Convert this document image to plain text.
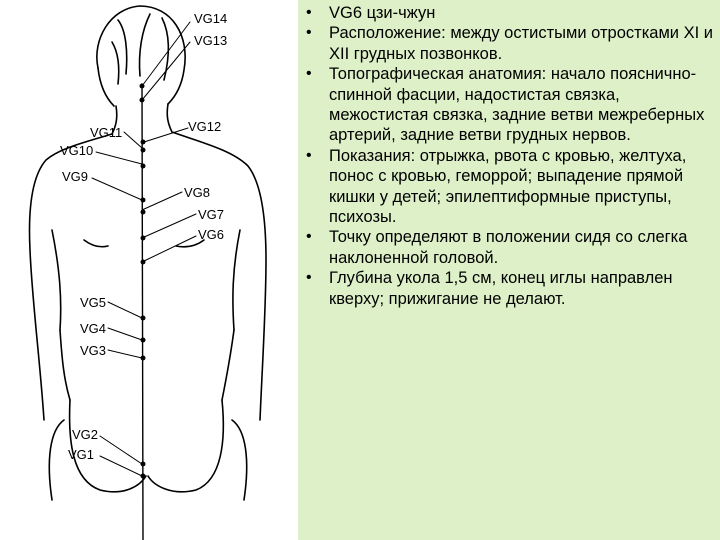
VG14
VG13
VG12
VG11
VG10
VG9
VG8
VG7
VG6
VG5
VG4
VG3
VG2
VG1
• VG6 цзи-чжун
• Расположение: между остистыми отростками XI и XII грудных позвонков.
• Топографическая анатомия: начало пояснично-спинной фасции, надостистая связка, межостистая связка, задние ветви межреберных артерий, задние ветви грудных нервов.
• Показания: отрыжка, рвота с кровью, желтуха, понос с кровью, геморрой; выпадение прямой кишки у детей; эпилептиформные приступы, психозы.
• Точку определяют в положении сидя со слегка наклоненной головой.
• Глубина укола 1,5 см, конец иглы направлен кверху; прижигание не делают.
